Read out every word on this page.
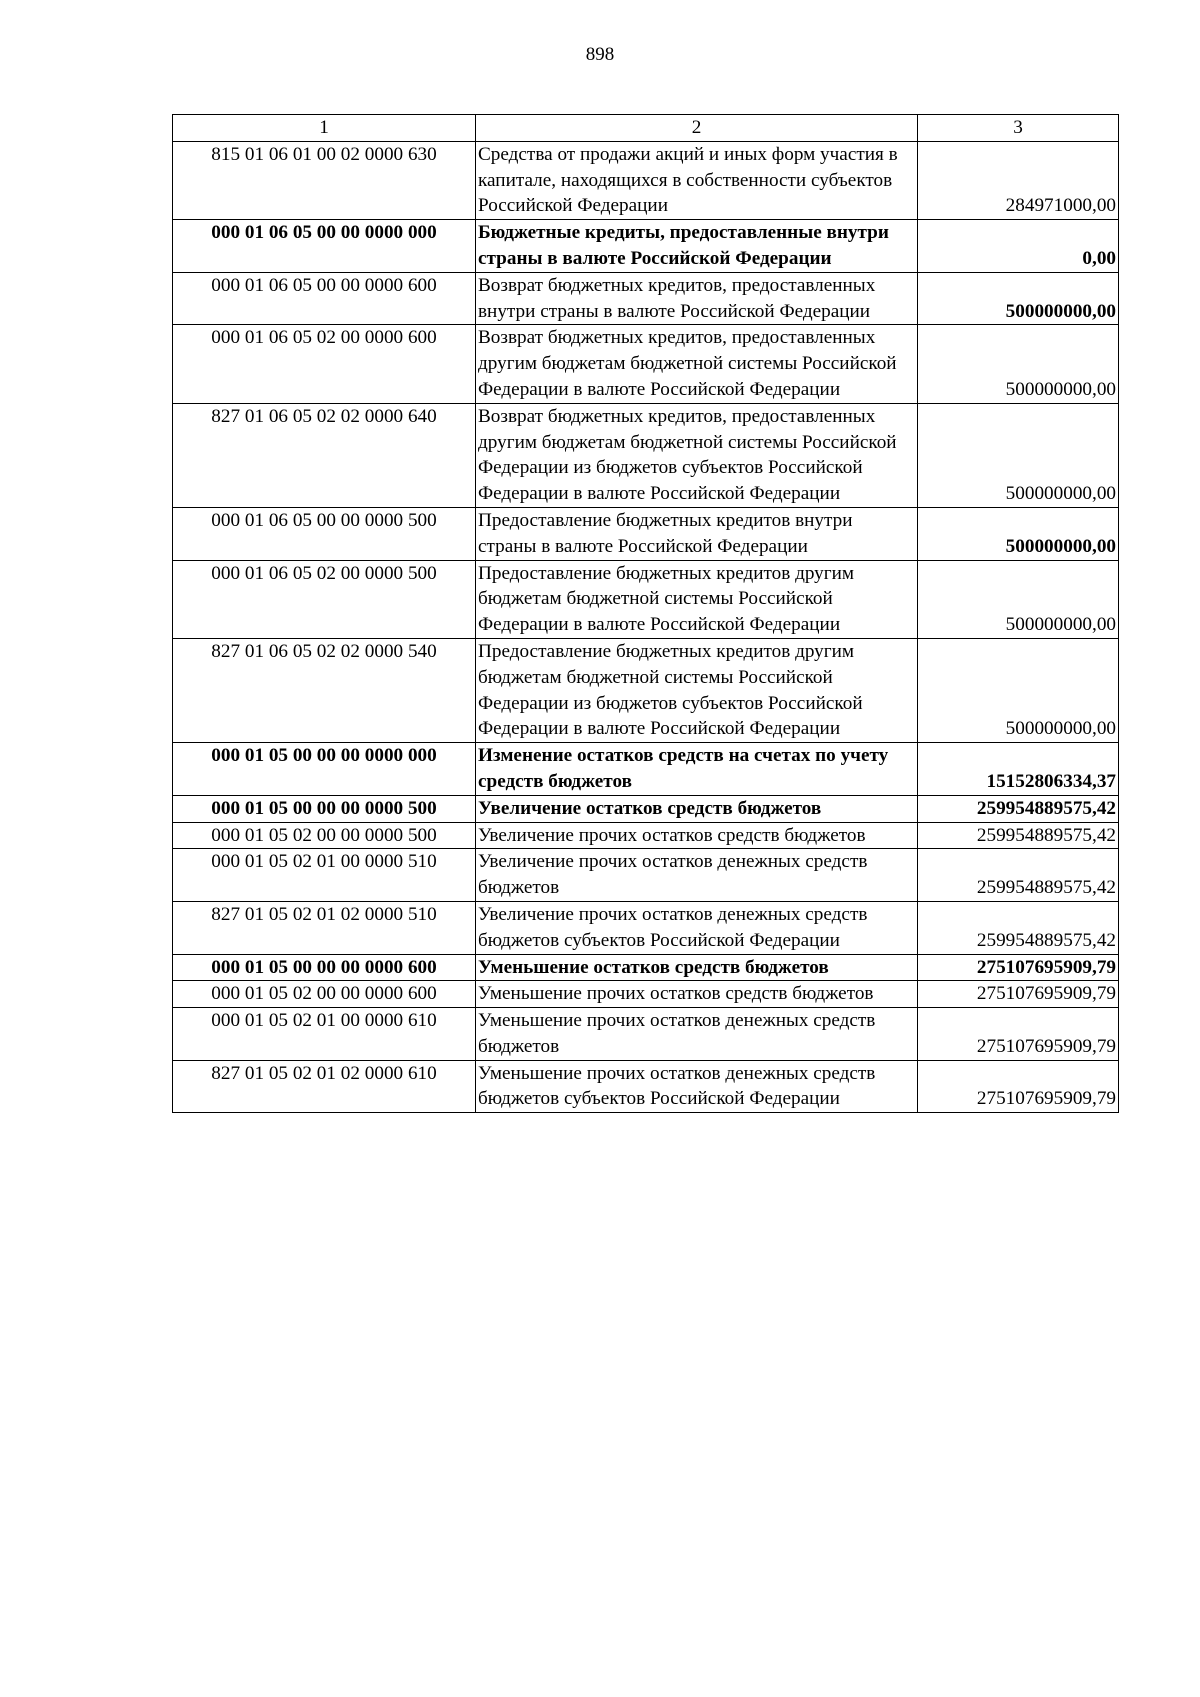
898
1	2	3
815 01 06 01 00 02 0000 630	Средства от продажи акций и иных форм участия в капитале, находящихся в собственности субъектов Российской Федерации	284971000,00
000 01 06 05 00 00 0000 000	Бюджетные кредиты, предоставленные внутри страны в валюте Российской Федерации	0,00
000 01 06 05 00 00 0000 600	Возврат бюджетных кредитов, предоставленных внутри страны в валюте Российской Федерации	500000000,00
000 01 06 05 02 00 0000 600	Возврат бюджетных кредитов, предоставленных другим бюджетам бюджетной системы Российской Федерации в валюте Российской Федерации	500000000,00
827 01 06 05 02 02 0000 640	Возврат бюджетных кредитов, предоставленных другим бюджетам бюджетной системы Российской Федерации из бюджетов субъектов Российской Федерации в валюте Российской Федерации	500000000,00
000 01 06 05 00 00 0000 500	Предоставление бюджетных кредитов внутри страны в валюте Российской Федерации	500000000,00
000 01 06 05 02 00 0000 500	Предоставление бюджетных кредитов другим бюджетам бюджетной системы Российской Федерации в валюте Российской Федерации	500000000,00
827 01 06 05 02 02 0000 540	Предоставление бюджетных кредитов другим бюджетам бюджетной системы Российской Федерации из бюджетов субъектов Российской Федерации в валюте Российской Федерации	500000000,00
000 01 05 00 00 00 0000 000	Изменение остатков средств на счетах по учету средств бюджетов	15152806334,37
000 01 05 00 00 00 0000 500	Увеличение остатков средств бюджетов	259954889575,42
000 01 05 02 00 00 0000 500	Увеличение прочих остатков средств бюджетов	259954889575,42
000 01 05 02 01 00 0000 510	Увеличение прочих остатков денежных средств бюджетов	259954889575,42
827 01 05 02 01 02 0000 510	Увеличение прочих остатков денежных средств бюджетов субъектов Российской Федерации	259954889575,42
000 01 05 00 00 00 0000 600	Уменьшение остатков средств бюджетов	275107695909,79
000 01 05 02 00 00 0000 600	Уменьшение прочих остатков средств бюджетов	275107695909,79
000 01 05 02 01 00 0000 610	Уменьшение прочих остатков денежных средств бюджетов	275107695909,79
827 01 05 02 01 02 0000 610	Уменьшение прочих остатков денежных средств бюджетов субъектов Российской Федерации	275107695909,79
